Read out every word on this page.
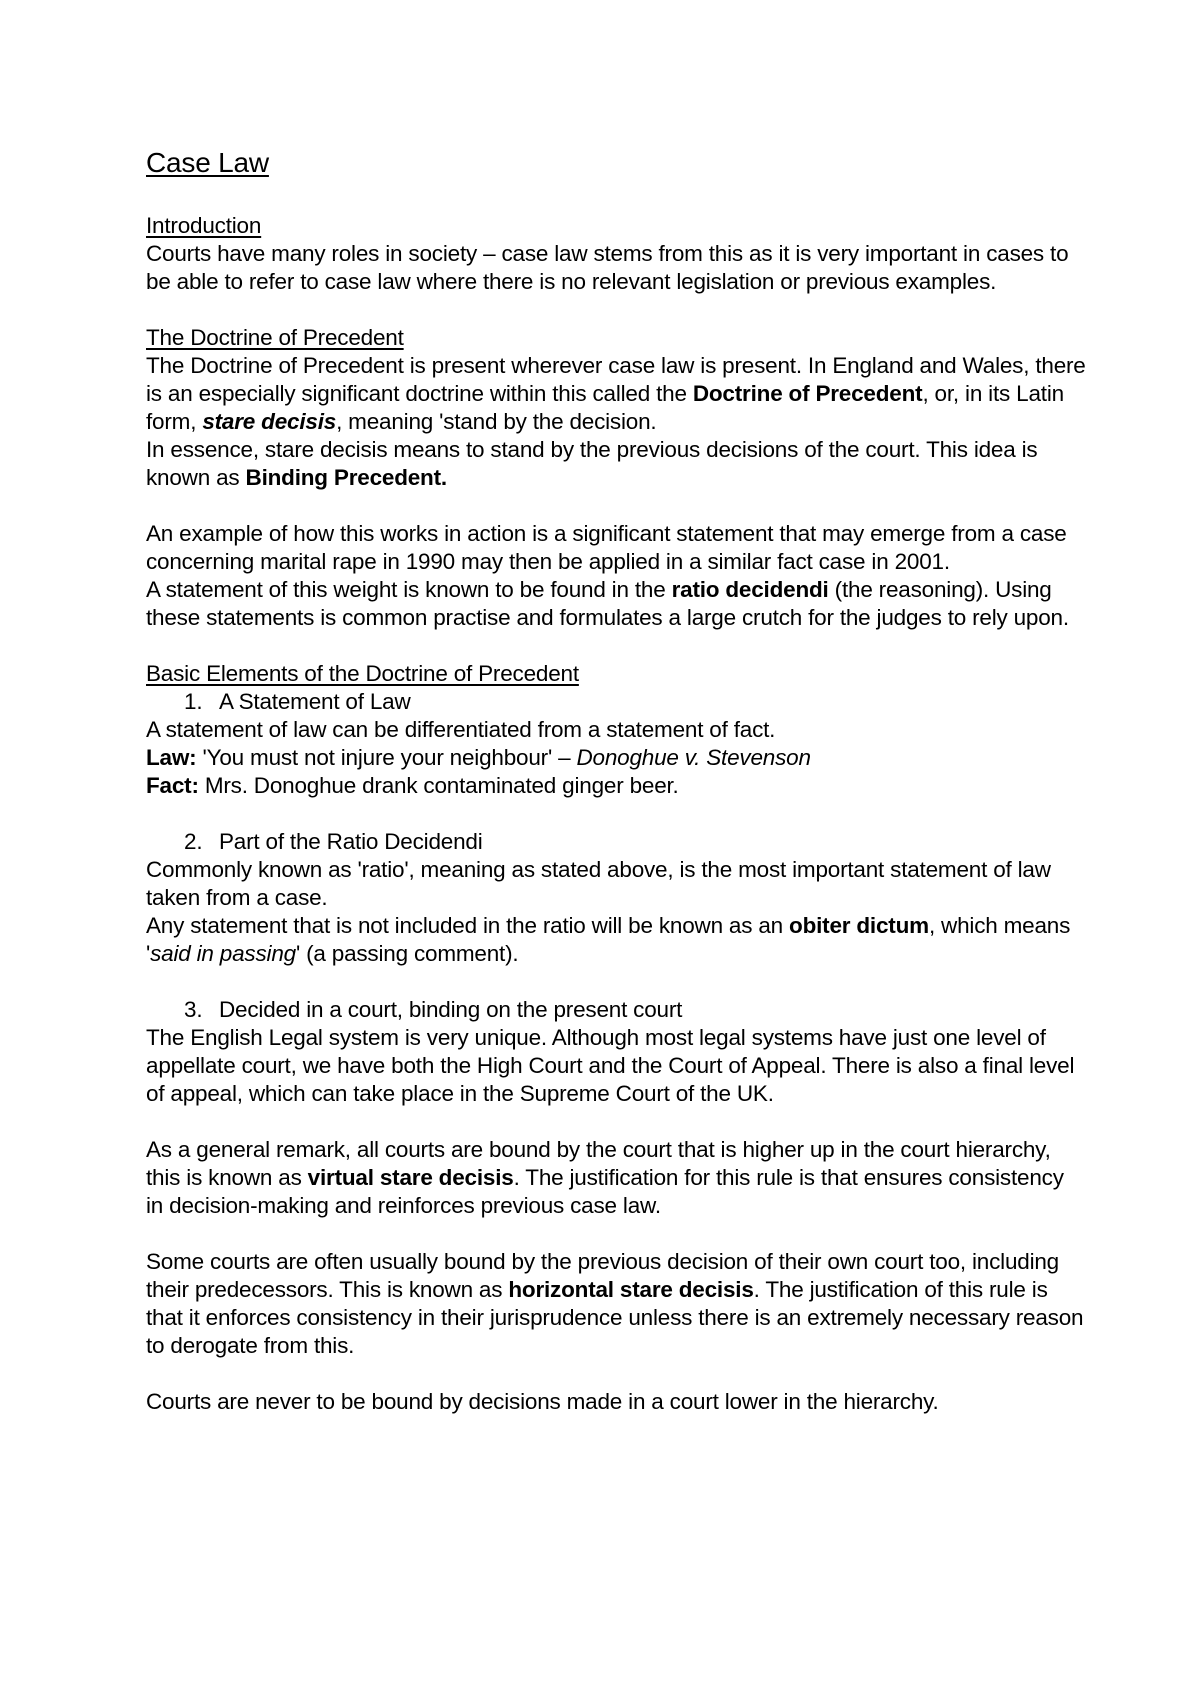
Case Law
Introduction

Courts have many roles in society – case law stems from this as it is very important in cases to be able to refer to case law where there is no relevant legislation or previous examples.

The Doctrine of Precedent

The Doctrine of Precedent is present wherever case law is present. In England and Wales, there is an especially significant doctrine within this called the Doctrine of Precedent, or, in its Latin form, stare decisis, meaning 'stand by the decision.

In essence, stare decisis means to stand by the previous decisions of the court. This idea is known as Binding Precedent.

An example of how this works in action is a significant statement that may emerge from a case concerning marital rape in 1990 may then be applied in a similar fact case in 2001.

A statement of this weight is known to be found in the ratio decidendi (the reasoning). Using these statements is common practise and formulates a large crutch for the judges to rely upon.

Basic Elements of the Doctrine of Precedent
1. A Statement of Law

A statement of law can be differentiated from a statement of fact.

Law: 'You must not injure your neighbour' – Donoghue v. Stevenson

Fact: Mrs. Donoghue drank contaminated ginger beer.

2. Part of the Ratio Decidendi

Commonly known as 'ratio', meaning as stated above, is the most important statement of law taken from a case.

Any statement that is not included in the ratio will be known as an obiter dictum, which means 'said in passing' (a passing comment).

3. Decided in a court, binding on the present court

The English Legal system is very unique. Although most legal systems have just one level of appellate court, we have both the High Court and the Court of Appeal. There is also a final level of appeal, which can take place in the Supreme Court of the UK.

As a general remark, all courts are bound by the court that is higher up in the court hierarchy, this is known as virtual stare decisis. The justification for this rule is that ensures consistency in decision-making and reinforces previous case law.

Some courts are often usually bound by the previous decision of their own court too, including their predecessors. This is known as horizontal stare decisis. The justification of this rule is that it enforces consistency in their jurisprudence unless there is an extremely necessary reason to derogate from this.

Courts are never to be bound by decisions made in a court lower in the hierarchy.
